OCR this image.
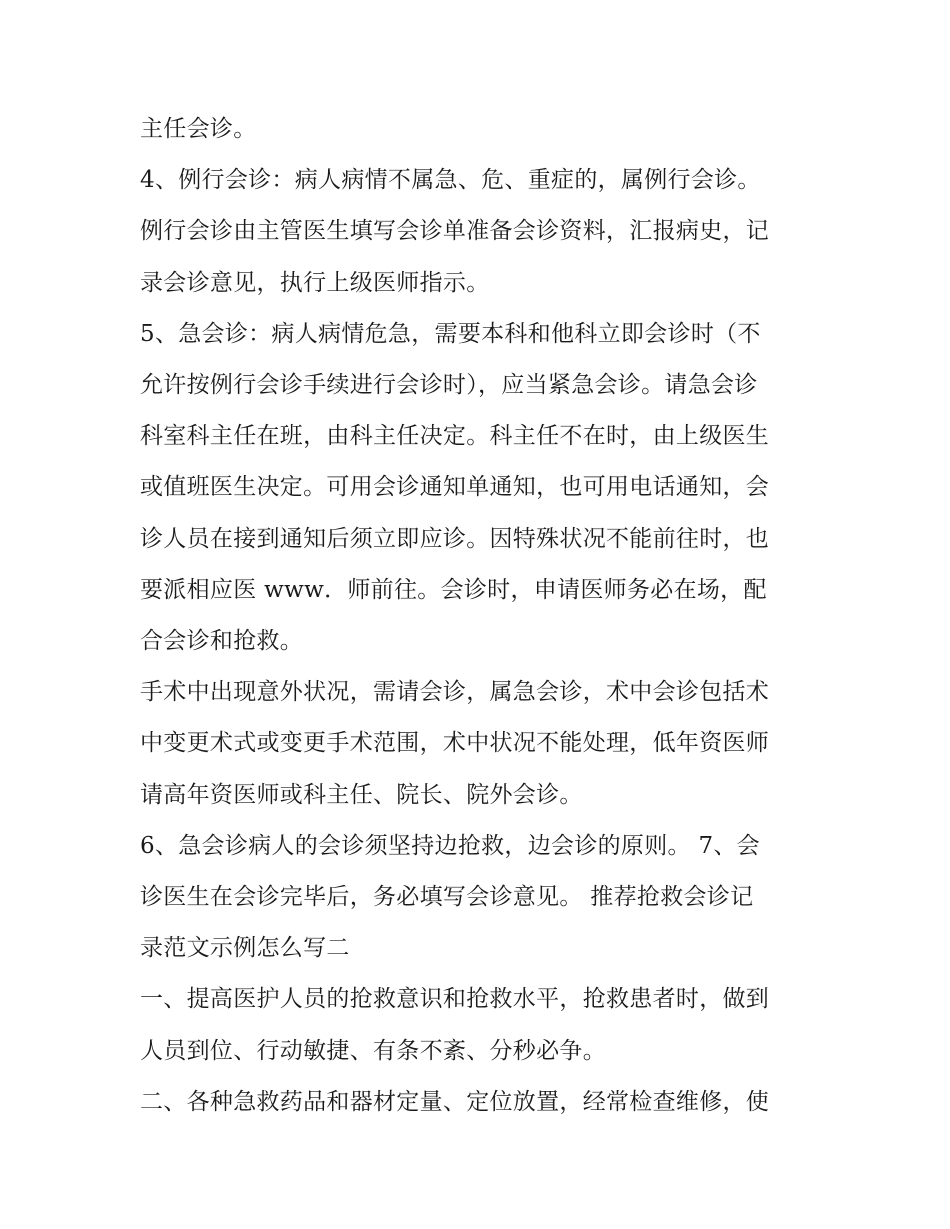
主任会诊。

4、例行会诊：病人病情不属急、危、重症的，属例行会诊。

例行会诊由主管医生填写会诊单准备会诊资料，汇报病史，记

录会诊意见，执行上级医师指示。

5、急会诊：病人病情危急，需要本科和他科立即会诊时（不

允许按例行会诊手续进行会诊时），应当紧急会诊。请急会诊

科室科主任在班，由科主任决定。科主任不在时，由上级医生

或值班医生决定。可用会诊通知单通知，也可用电话通知，会

诊人员在接到通知后须立即应诊。因特殊状况不能前往时，也

要派相应医 www．师前往。会诊时，申请医师务必在场，配

合会诊和抢救。

手术中出现意外状况，需请会诊，属急会诊，术中会诊包括术

中变更术式或变更手术范围，术中状况不能处理，低年资医师

请高年资医师或科主任、院长、院外会诊。

6、急会诊病人的会诊须坚持边抢救，边会诊的原则。 7、会

诊医生在会诊完毕后，务必填写会诊意见。 推荐抢救会诊记

录范文示例怎么写二

一、提高医护人员的抢救意识和抢救水平，抢救患者时，做到

人员到位、行动敏捷、有条不紊、分秒必争。

二、各种急救药品和器材定量、定位放置，经常检查维修，使
